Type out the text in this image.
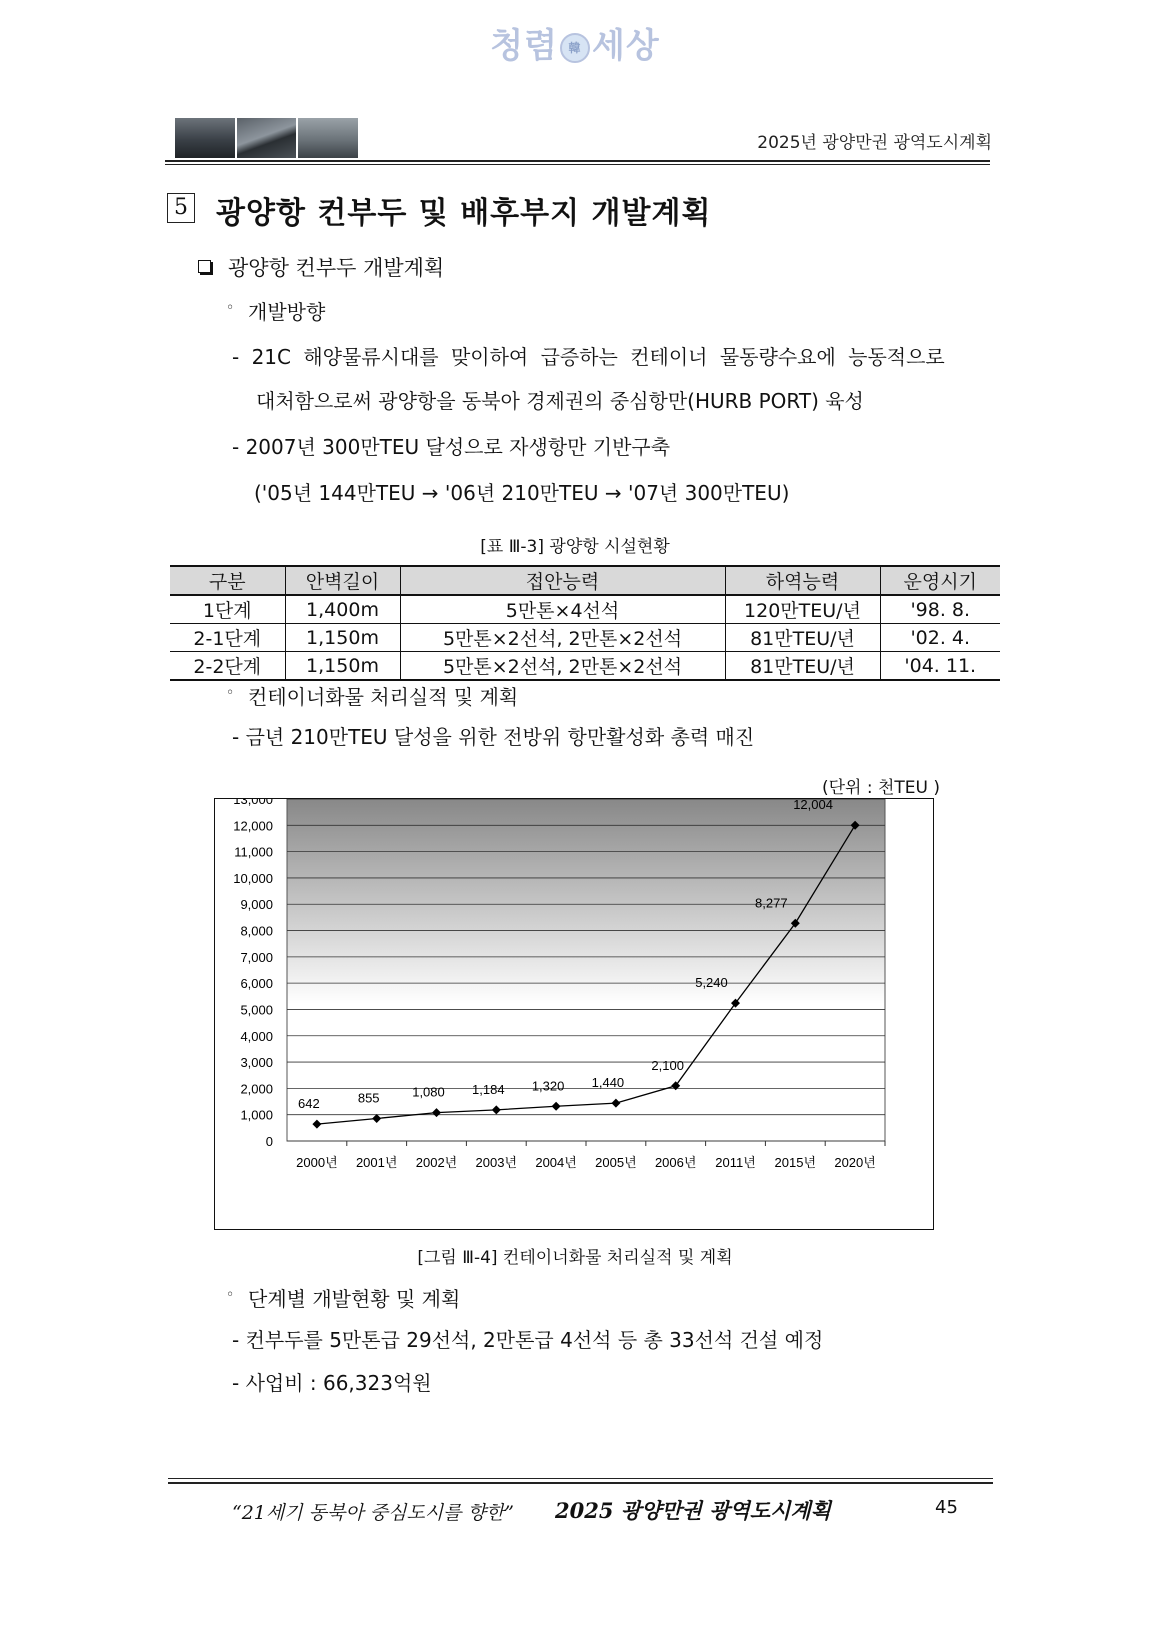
청렴 韓 세상
2025년 광양만권 광역도시계획
5 광양항 컨부두 및 배후부지 개발계획
광양항 컨부두 개발계획
◦ 개발방향
- 21C 해양물류시대를 맞이하여 급증하는 컨테이너 물동량수요에 능동적으로
대처함으로써 광양항을 동북아 경제권의 중심항만(HURB PORT) 육성
- 2007년 300만TEU 달성으로 자생항만 기반구축
('05년 144만TEU → '06년 210만TEU → '07년 300만TEU)
[표 Ⅲ-3] 광양항 시설현황
구분	안벽길이	접안능력	하역능력	운영시기
1단계	1,400m	5만톤×4선석	120만TEU/년	'98. 8.
2-1단계	1,150m	5만톤×2선석, 2만톤×2선석	81만TEU/년	'02. 4.
2-2단계	1,150m	5만톤×2선석, 2만톤×2선석	81만TEU/년	'04. 11.
◦ 컨테이너화물 처리실적 및 계획
- 금년 210만TEU 달성을 위한 전방위 항만활성화 총력 매진
(단위 : 천TEU )
0
1,000
2,000
3,000
4,000
5,000
6,000
7,000
8,000
9,000
10,000
11,000
12,000
13,000
2000년 2001년 2002년 2003년 2004년 2005년 2006년 2011년 2015년 2020년
642	855	1,080 1,184 1,320 1,440
2,100
5,240
8,277
12,004
[그림 Ⅲ-4] 컨테이너화물 처리실적 및 계획
◦ 단계별 개발현황 및 계획
- 컨부두를 5만톤급 29선석, 2만톤급 4선석 등 총 33선석 건설 예정
- 사업비 : 66,323억원
“21세기 동북아 중심도시를 향한” 2025 광양만권 광역도시계획	45
